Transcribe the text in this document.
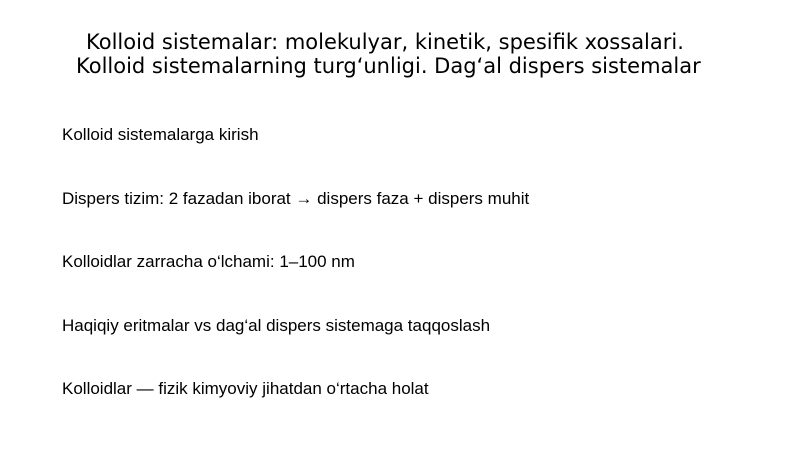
Kolloid sistemalar: molekulyar, kinetik, spesifik xossalari. Kolloid sistemalarning turg‘unligi. Dag‘al dispers sistemalar
Kolloid sistemalarga kirish
Dispers tizim: 2 fazadan iborat → dispers faza + dispers muhit
Kolloidlar zarracha o‘lchami: 1–100 nm
Haqiqiy eritmalar vs dag‘al dispers sistemaga taqqoslash
Kolloidlar — fizik kimyoviy jihatdan o‘rtacha holat
